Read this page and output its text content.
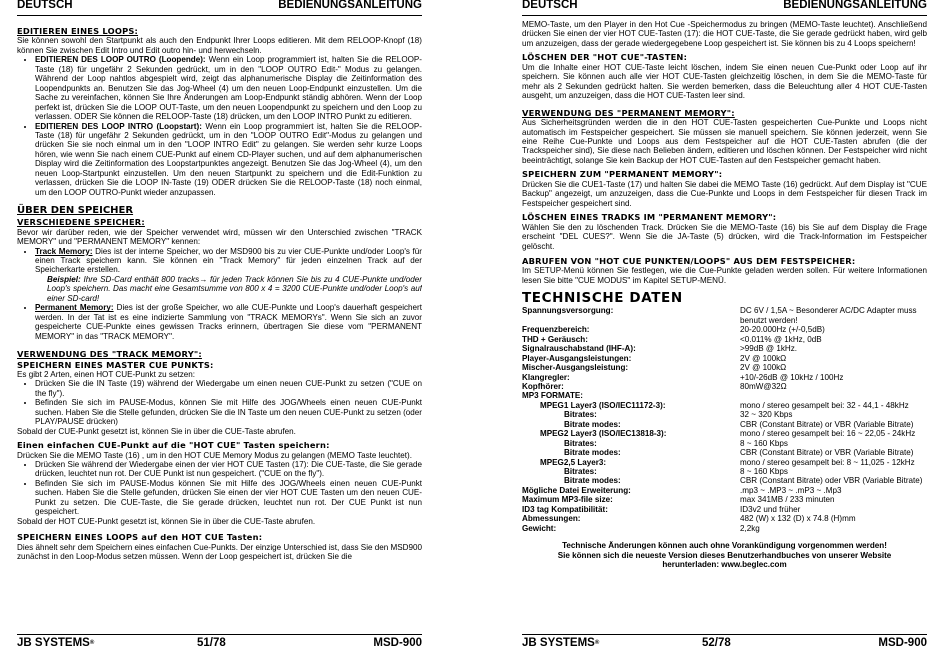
DEUTSCH	BEDIENUNGSANLEITUNG

EDITIEREN EINES LOOPS:

Sie können sowohl den Startpunkt als auch den Endpunkt Ihrer Loops editieren. Mit dem RELOOP-Knopf (18) können Sie zwischen Edit Intro und Edit outro hin- und herwechseln.

• EDITIEREN DES LOOP OUTRO (Loopende): Wenn ein Loop programmiert ist, halten Sie die RELOOP-Taste (18) für ungefähr 2 Sekunden gedrückt, um in den "LOOP OUTRO Edit-" Modus zu gelangen. Während der Loop nahtlos abgespielt wird, zeigt das alphanumerische Display die Zeitinformation des Loopendpunkts an. Benutzen Sie das Jog-Wheel (4) um den neuen Loop-Endpunkt einzustellen. Um die Sache zu vereinfachen, können Sie Ihre Änderungen am Loop-Endpunkt ständig abhören. Wenn der Loop perfekt ist, drücken Sie die LOOP OUT-Taste, um den neuen Loopendpunkt zu speichern und den Loop zu verlassen. ODER Sie können die RELOOP-Taste (18) drücken, um den LOOP INTRO Punkt zu editieren.
• EDITIEREN DES LOOP INTRO (Loopstart): Wenn ein Loop programmiert ist, halten Sie die RELOOP-Taste (18) für ungefähr 2 Sekunden gedrückt, um in den "LOOP OUTRO Edit"-Modus zu gelangen und drücken Sie sie noch einmal um in den "LOOP INTRO Edit" zu gelangen. Sie werden sehr kurze Loops hören, wie wenn Sie nach einem CUE-Punkt auf einem CD-Player suchen, und auf dem alphanumerischen Display wird die Zeitinformation des Loopstartpunktes angezeigt. Benutzen Sie das Jog-Wheel (4), um den neuen Loop-Startpunkt einzustellen. Um den neuen Startpunkt zu speichern und die Edit-Funktion zu verlassen, drücken Sie die LOOP IN-Taste (19) ODER drücken Sie die RELOOP-Taste (18) noch einmal, um den LOOP OUTRO-Punkt wieder anzupassen.

ÜBER DEN SPEICHER

VERSCHIEDENE SPEICHER:

Bevor wir darüber reden, wie der Speicher verwendet wird, müssen wir den Unterschied zwischen "TRACK MEMORY" und "PERMANENT MEMORY" kennen:

• Track Memory: Dies ist der interne Speicher, wo der MSD900 bis zu vier CUE-Punkte und/oder Loop's für einen Track speichern kann. Sie können ein "Track Memory" für jeden einzelnen Track auf der Speicherkarte erstellen.

Beispiel: Ihre SD-Card enthält 800 tracks→ für jeden Track können Sie bis zu 4 CUE-Punkte und/oder Loop's speichern. Das macht eine Gesamtsumme von 800 x 4 = 3200 CUE-Punkte und/oder Loop's auf einer SD-card!

• Permanent Memory: Dies ist der große Speicher, wo alle CUE-Punkte und Loop's dauerhaft gespeichert werden. In der Tat ist es eine indizierte Sammlung von "TRACK MEMORYs". Wenn Sie sich an zuvor gespeicherte CUE-Punkte eines gewissen Tracks erinnern, übertragen Sie diese vom "PERMANENT MEMORY" in das "TRACK MEMORY".

VERWENDUNG DES "TRACK MEMORY":

SPEICHERN EINES MASTER CUE PUNKTS:

Es gibt 2 Arten, einen HOT CUE-Punkt zu setzen:

• Drücken Sie die IN Taste (19) während der Wiedergabe um einen neuen CUE-Punkt zu setzen ("CUE on the fly").
• Befinden Sie sich im PAUSE-Modus, können Sie mit Hilfe des JOG/Wheels einen neuen CUE-Punkt suchen. Haben Sie die Stelle gefunden, drücken Sie die IN Taste um den neuen CUE-Punkt zu setzen (oder PLAY/PAUSE drücken)

Sobald der CUE-Punkt gesetzt ist, können Sie in über die CUE-Taste abrufen.

Einen einfachen CUE-Punkt auf die "HOT CUE" Tasten speichern:

Drücken Sie die MEMO Taste (16) , um in den HOT CUE Memory Modus zu gelangen (MEMO Taste leuchtet).

• Drücken Sie während der Wiedergabe einen der vier HOT CUE Tasten (17): Die CUE-Taste, die Sie gerade drücken, leuchtet nun rot. Der CUE Punkt ist nun gespeichert. ("CUE on the fly").
• Befinden Sie sich im PAUSE-Modus können Sie mit Hilfe des JOG/Wheels einen neuen CUE-Punkt suchen. Haben Sie die Stelle gefunden, drücken Sie einen der vier HOT CUE Tasten um den neuen CUE-Punkt zu setzen. Die CUE-Taste, die Sie gerade drücken, leuchtet nun rot. Der CUE Punkt ist nun gespeichert.

Sobald der HOT CUE-Punkt gesetzt ist, können Sie in über die CUE-Taste abrufen.

SPEICHERN EINES LOOPS auf den HOT CUE Tasten:

Dies ähnelt sehr dem Speichern eines einfachen Cue-Punkts. Der einzige Unterschied ist, dass Sie den MSD900 zunächst in den Loop-Modus setzen müssen. Wenn der Loop gespeichert ist, drücken Sie die

JB SYSTEMS®	51/78	MSD-900
DEUTSCH	BEDIENUNGSANLEITUNG

MEMO-Taste, um den Player in den Hot Cue -Speichermodus zu bringen (MEMO-Taste leuchtet). Anschließend drücken Sie einen der vier HOT CUE-Tasten (17): die HOT CUE-Taste, die Sie gerade gedrückt haben, wird gelb um anzuzeigen, dass der gerade wiedergegebene Loop gespeichert ist. Sie können bis zu 4 Loops speichern!

LÖSCHEN DER "HOT CUE"-TASTEN:

Um die Inhalte einer HOT CUE-Taste leicht löschen, indem Sie einen neuen Cue-Punkt oder Loop auf ihr speichern. Sie können auch alle vier HOT CUE-Tasten gleichzeitig löschen, in dem Sie die MEMO-Taste für mehr als 2 Sekunden gedrückt halten. Sie werden bemerken, dass die Beleuchtung aller 4 HOT CUE-Tasten ausgeht, um anzuzeigen, dass die HOT CUE-Tasten leer sind.

VERWENDUNG DES "PERMANENT MEMORY":

Aus Sicherheitsgründen werden die in den HOT CUE-Tasten gespeicherten Cue-Punkte und Loops nicht automatisch im Festspeicher gespeichert. Sie müssen sie manuell speichern. Sie können jederzeit, wenn Sie eine Reihe Cue-Punkte und Loops aus dem Festspeicher auf die HOT CUE-Tasten abrufen (die der Trackspeicher sind), Sie diese nach Belieben ändern, editieren und löschen können. Der Festspeicher wird nicht beeinträchtigt, solange Sie kein Backup der HOT CUE-Tasten auf den Festspeicher gemacht haben.

SPEICHERN ZUM "PERMANENT MEMORY":

Drücken Sie die CUE1-Taste (17) und halten Sie dabei die MEMO Taste (16) gedrückt. Auf dem Display ist "CUE Backup" angezeigt, um anzuzeigen, dass die Cue-Punkte und Loops in dem Festspeicher für diesen Track im Festspeicher gespeichert sind.

LÖSCHEN EINES TRADKS IM "PERMANENT MEMORY":

Wählen Sie den zu löschenden Track. Drücken Sie die MEMO-Taste (16) bis Sie auf dem Display die Frage erscheint "DEL CUES?". Wenn Sie die JA-Taste (5) drücken, wird die Track-Information im Festspeicher gelöscht.

ABRUFEN VON "HOT CUE PUNKTEN/LOOPS" AUS DEM FESTSPEICHER:

Im SETUP-Menü können Sie festlegen, wie die Cue-Punkte geladen werden sollen. Für weitere Informationen lesen Sie bitte "CUE MODUS" im Kapitel SETUP-MENÜ.

TECHNISCHE DATEN

Spannungsversorgung:	DC 6V / 1,5A ~ Besonderer AC/DC Adapter muss benutzt werden!
Frequenzbereich:	20-20.000Hz (+/-0,5dB)
THD + Geräusch:	<0.011% @ 1kHz, 0dB
Signalrauschabstand (IHF-A):	>99dB @ 1kHz.
Player-Ausgangsleistungen:	2V @ 100kΩ
Mischer-Ausgangsleistung:	2V @ 100kΩ
Klangregler:	+10/-26dB @ 10kHz / 100Hz
Kopfhörer:	80mW@32Ω
MP3 FORMATE:	
MPEG1 Layer3 (ISO/IEC11172-3):	mono / stereo gesampelt bei: 32 - 44,1 - 48kHz
Bitrates:	32 ~ 320 Kbps
Bitrate modes:	CBR (Constant Bitrate) or VBR (Variable Bitrate)
MPEG2 Layer3 (ISO/IEC13818-3):	mono / stereo gesampelt bei: 16 ~ 22,05 - 24kHz
Bitrates:	8 ~ 160 Kbps
Bitrate modes:	CBR (Constant Bitrate) or VBR (Variable Bitrate)
MPEG2,5 Layer3:	mono / stereo gesampelt bei: 8 ~ 11,025 - 12kHz
Bitrates:	8 ~ 160 Kbps
Bitrate modes:	CBR (Constant Bitrate) oder VBR (Variable Bitrate)
Mögliche Datei Erweiterung:	.mp3 ~ .MP3 ~ .mP3 ~ .Mp3
Maximum MP3-file size:	max 341MB / 233 minuten
ID3 tag Kompatibilität:	ID3v2 und früher
Abmessungen:	482 (W) x 132 (D) x 74.8 (H)mm
Gewicht:	2,2kg

Technische Änderungen können auch ohne Vorankündigung vorgenommen werden!

Sie können sich die neueste Version dieses Benutzerhandbuches von unserer Website

herunterladen: www.beglec.com

JB SYSTEMS®	52/78	MSD-900
